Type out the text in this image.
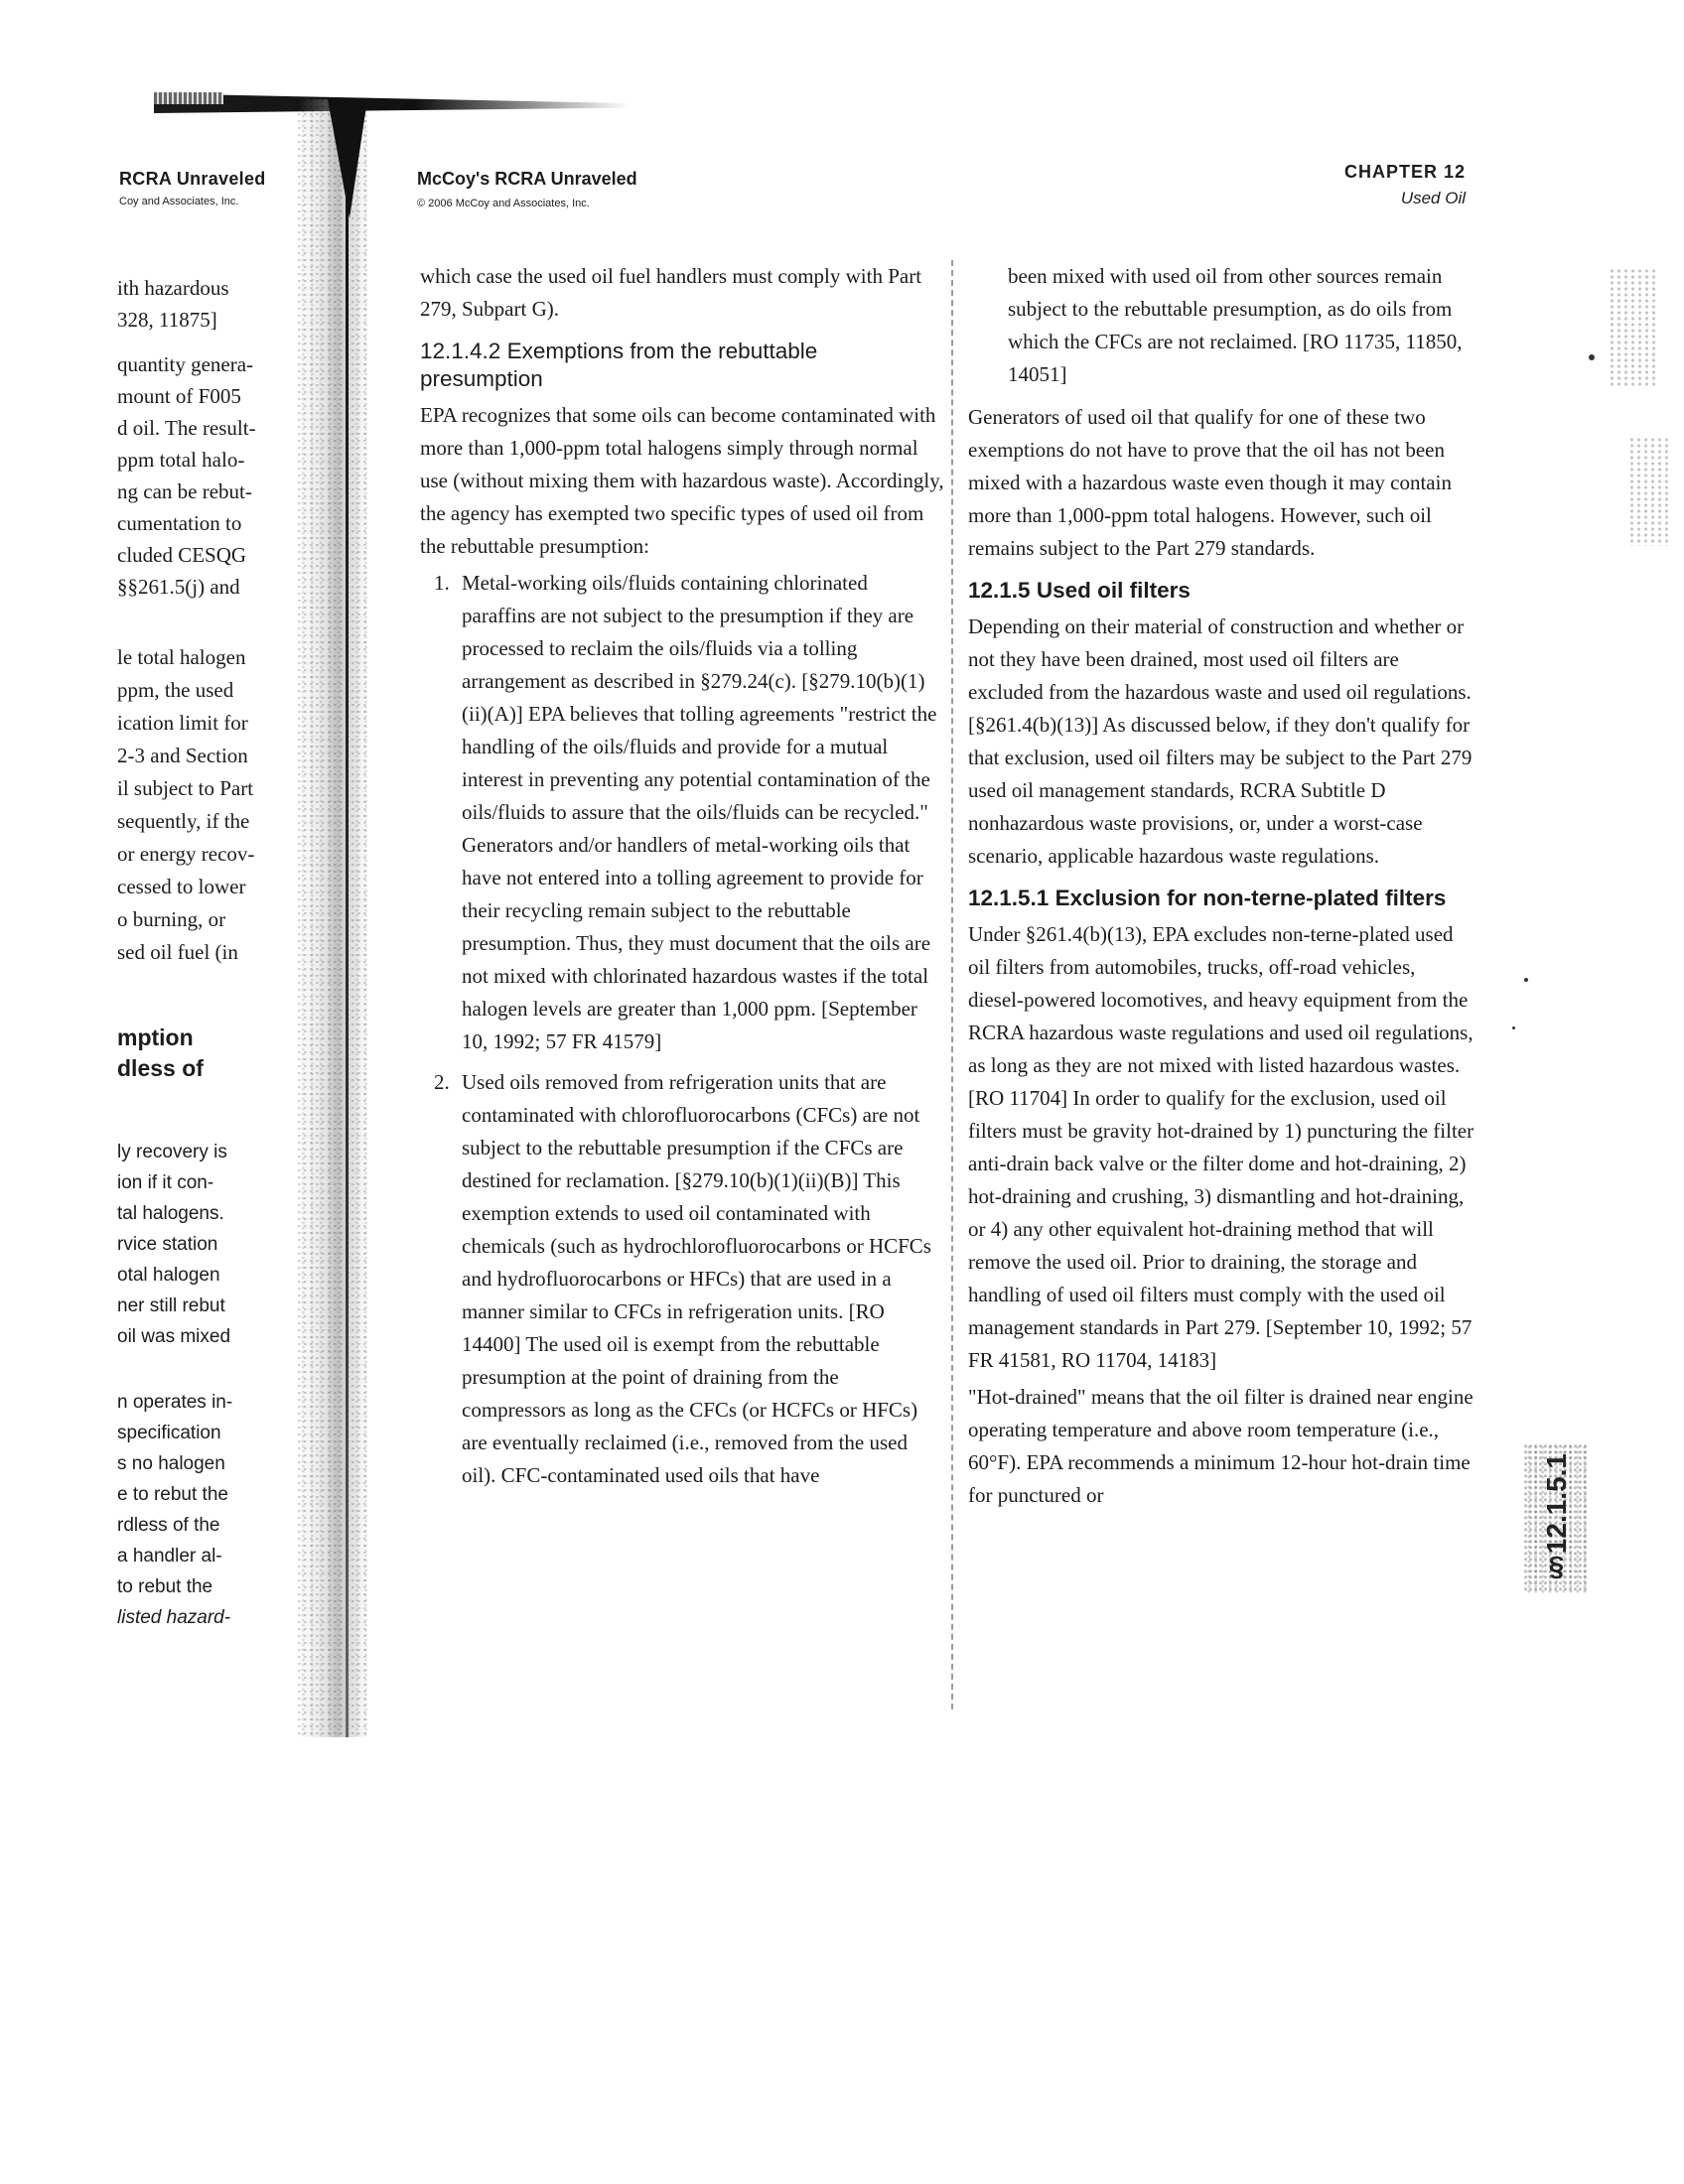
RCRA Unraveled
Coy and Associates, Inc.
ith hazardous
328, 11875]
quantity genera-
mount of F005
d oil. The result-
ppm total halo-
ng can be rebut-
cumentation to
cluded CESQG
§§261.5(j) and
le total halogen
ppm, the used
ication limit for
2-3 and Section
il subject to Part
sequently, if the
or energy recov-
cessed to lower
o burning, or
sed oil fuel (in
mption
dless of
ly recovery is
ion if it con-
tal halogens.
rvice station
otal halogen
ner still rebut
oil was mixed
n operates in-
specification
s no halogen
e to rebut the
rdless of the
a handler al-
to rebut the
listed hazard-
McCoy's RCRA Unraveled
© 2006 McCoy and Associates, Inc.
CHAPTER 12
Used Oil

which case the used oil fuel handlers must comply with Part 279, Subpart G).

12.1.4.2 Exemptions from the rebuttable presumption

EPA recognizes that some oils can become contaminated with more than 1,000-ppm total halogens simply through normal use (without mixing them with hazardous waste). Accordingly, the agency has exempted two specific types of used oil from the rebuttable presumption:

1. Metal-working oils/fluids containing chlorinated paraffins are not subject to the presumption if they are processed to reclaim the oils/fluids via a tolling arrangement as described in §279.24(c). [§279.10(b)(1)(ii)(A)] EPA believes that tolling agreements "restrict the handling of the oils/fluids and provide for a mutual interest in preventing any potential contamination of the oils/fluids to assure that the oils/fluids can be recycled." Generators and/or handlers of metal-working oils that have not entered into a tolling agreement to provide for their recycling remain subject to the rebuttable presumption. Thus, they must document that the oils are not mixed with chlorinated hazardous wastes if the total halogen levels are greater than 1,000 ppm. [September 10, 1992; 57 FR 41579]
2. Used oils removed from refrigeration units that are contaminated with chlorofluorocarbons (CFCs) are not subject to the rebuttable presumption if the CFCs are destined for reclamation. [§279.10(b)(1)(ii)(B)] This exemption extends to used oil contaminated with chemicals (such as hydrochlorofluorocarbons or HCFCs and hydrofluorocarbons or HFCs) that are used in a manner similar to CFCs in refrigeration units. [RO 14400] The used oil is exempt from the rebuttable presumption at the point of draining from the compressors as long as the CFCs (or HCFCs or HFCs) are eventually reclaimed (i.e., removed from the used oil). CFC-contaminated used oils that have

been mixed with used oil from other sources remain subject to the rebuttable presumption, as do oils from which the CFCs are not reclaimed. [RO 11735, 11850, 14051]

Generators of used oil that qualify for one of these two exemptions do not have to prove that the oil has not been mixed with a hazardous waste even though it may contain more than 1,000-ppm total halogens. However, such oil remains subject to the Part 279 standards.

12.1.5 Used oil filters

Depending on their material of construction and whether or not they have been drained, most used oil filters are excluded from the hazardous waste and used oil regulations. [§261.4(b)(13)] As discussed below, if they don't qualify for that exclusion, used oil filters may be subject to the Part 279 used oil management standards, RCRA Subtitle D nonhazardous waste provisions, or, under a worst-case scenario, applicable hazardous waste regulations.

12.1.5.1 Exclusion for non-terne-plated filters

Under §261.4(b)(13), EPA excludes non-terne-plated used oil filters from automobiles, trucks, off-road vehicles, diesel-powered locomotives, and heavy equipment from the RCRA hazardous waste regulations and used oil regulations, as long as they are not mixed with listed hazardous wastes. [RO 11704] In order to qualify for the exclusion, used oil filters must be gravity hot-drained by 1) puncturing the filter anti-drain back valve or the filter dome and hot-draining, 2) hot-draining and crushing, 3) dismantling and hot-draining, or 4) any other equivalent hot-draining method that will remove the used oil. Prior to draining, the storage and handling of used oil filters must comply with the used oil management standards in Part 279. [September 10, 1992; 57 FR 41581, RO 11704, 14183]

"Hot-drained" means that the oil filter is drained near engine operating temperature and above room temperature (i.e., 60°F). EPA recommends a minimum 12-hour hot-drain time for punctured or	§12.1.5.1
